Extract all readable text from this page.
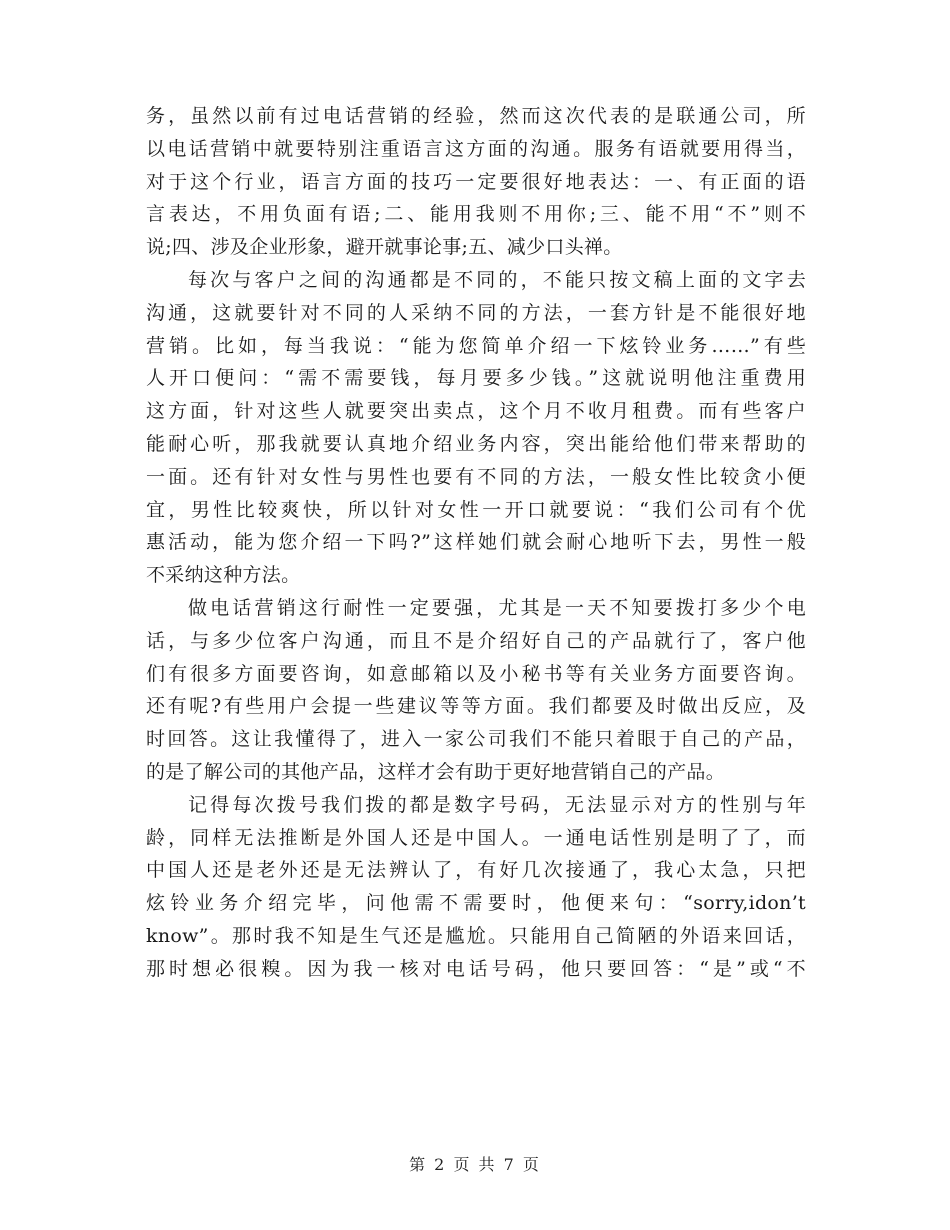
务，虽然以前有过电话营销的经验，然而这次代表的是联通公司，所
以电话营销中就要特别注重语言这方面的沟通。服务有语就要用得当，
对于这个行业，语言方面的技巧一定要很好地表达：一、有正面的语
言表达，不用负面有语;二、能用我则不用你;三、能不用“不”则不
说;四、涉及企业形象，避开就事论事;五、减少口头禅。
每次与客户之间的沟通都是不同的，不能只按文稿上面的文字去
沟通，这就要针对不同的人采纳不同的方法，一套方针是不能很好地
营销。比如，每当我说：“能为您简单介绍一下炫铃业务……”有些
人开口便问：“需不需要钱，每月要多少钱。”这就说明他注重费用
这方面，针对这些人就要突出卖点，这个月不收月租费。而有些客户
能耐心听，那我就要认真地介绍业务内容，突出能给他们带来帮助的
一面。还有针对女性与男性也要有不同的方法，一般女性比较贪小便
宜，男性比较爽快，所以针对女性一开口就要说：“我们公司有个优
惠活动，能为您介绍一下吗?”这样她们就会耐心地听下去，男性一般
不采纳这种方法。
做电话营销这行耐性一定要强，尤其是一天不知要拨打多少个电
话，与多少位客户沟通，而且不是介绍好自己的产品就行了，客户他
们有很多方面要咨询，如意邮箱以及小秘书等有关业务方面要咨询。
还有呢?有些用户会提一些建议等等方面。我们都要及时做出反应，及
时回答。这让我懂得了，进入一家公司我们不能只着眼于自己的产品，
的是了解公司的其他产品，这样才会有助于更好地营销自己的产品。
记得每次拨号我们拨的都是数字号码，无法显示对方的性别与年
龄，同样无法推断是外国人还是中国人。一通电话性别是明了了，而
中国人还是老外还是无法辨认了，有好几次接通了，我心太急，只把
炫铃业务介绍完毕，问他需不需要时，他便来句：“sorry,idon’t
know”。那时我不知是生气还是尴尬。只能用自己简陋的外语来回话，
那时想必很糗。因为我一核对电话号码，他只要回答：“是”或“不
第 2 页 共 7 页
